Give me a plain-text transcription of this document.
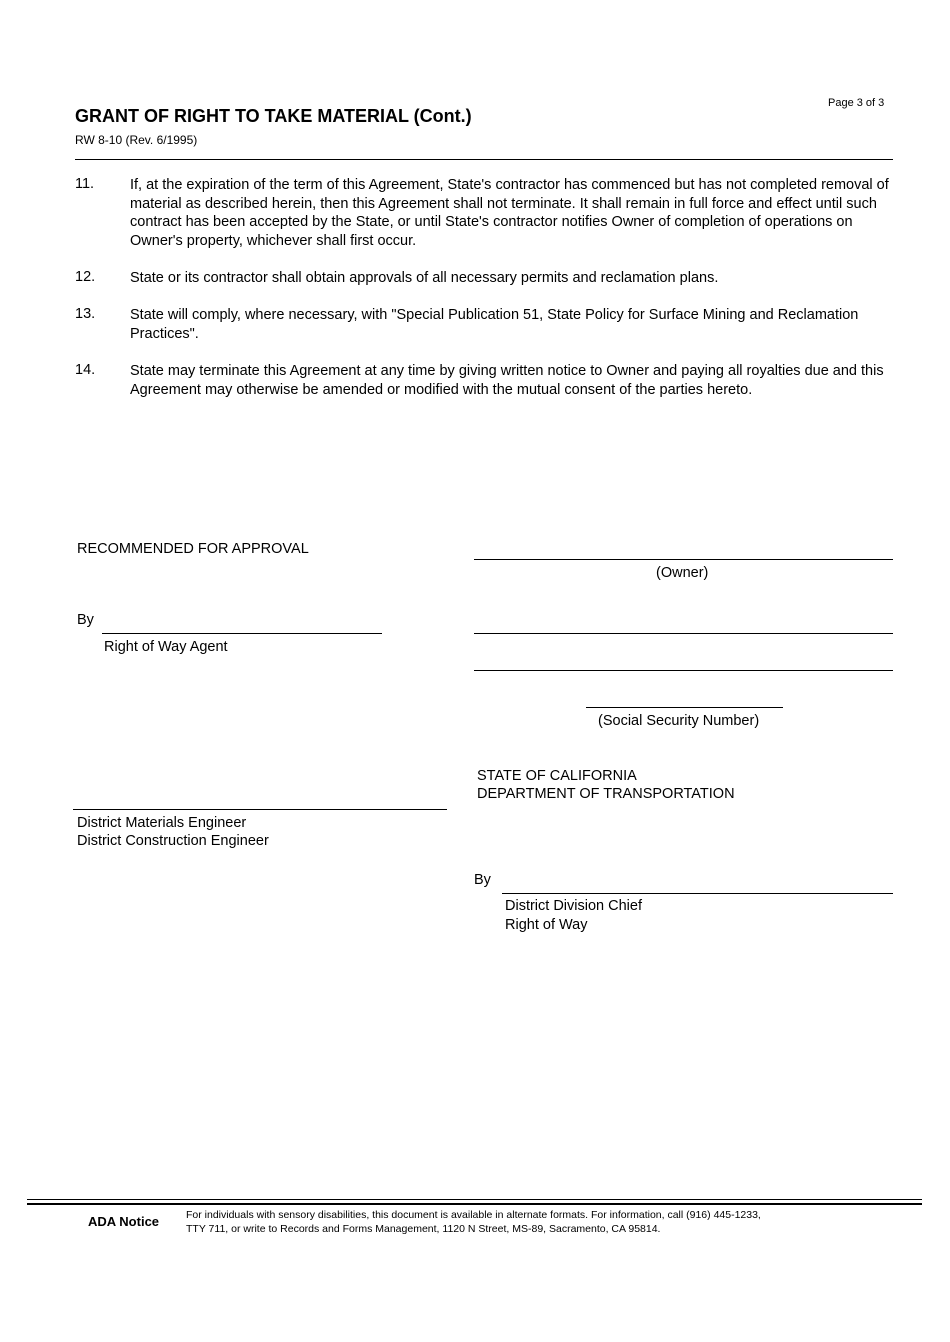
GRANT OF RIGHT TO TAKE MATERIAL (Cont.)
RW 8-10 (Rev. 6/1995)
Page 3 of 3
11. If, at the expiration of the term of this Agreement, State's contractor has commenced but has not completed removal of material as described herein, then this Agreement shall not terminate. It shall remain in full force and effect until such contract has been accepted by the State, or until State's contractor notifies Owner of completion of operations on Owner's property, whichever shall first occur.
12. State or its contractor shall obtain approvals of all necessary permits and reclamation plans.
13. State will comply, where necessary, with "Special Publication 51, State Policy for Surface Mining and Reclamation Practices".
14. State may terminate this Agreement at any time by giving written notice to Owner and paying all royalties due and this Agreement may otherwise be amended or modified with the mutual consent of the parties hereto.
RECOMMENDED FOR APPROVAL
(Owner)
By
Right of Way Agent
(Social Security Number)
STATE OF CALIFORNIA
DEPARTMENT OF TRANSPORTATION
District Materials Engineer
District Construction Engineer
By
District Division Chief
Right of Way
ADA Notice	For individuals with sensory disabilities, this document is available in alternate formats. For information, call (916) 445-1233,
TTY 711, or write to Records and Forms Management, 1120 N Street, MS-89, Sacramento, CA 95814.
